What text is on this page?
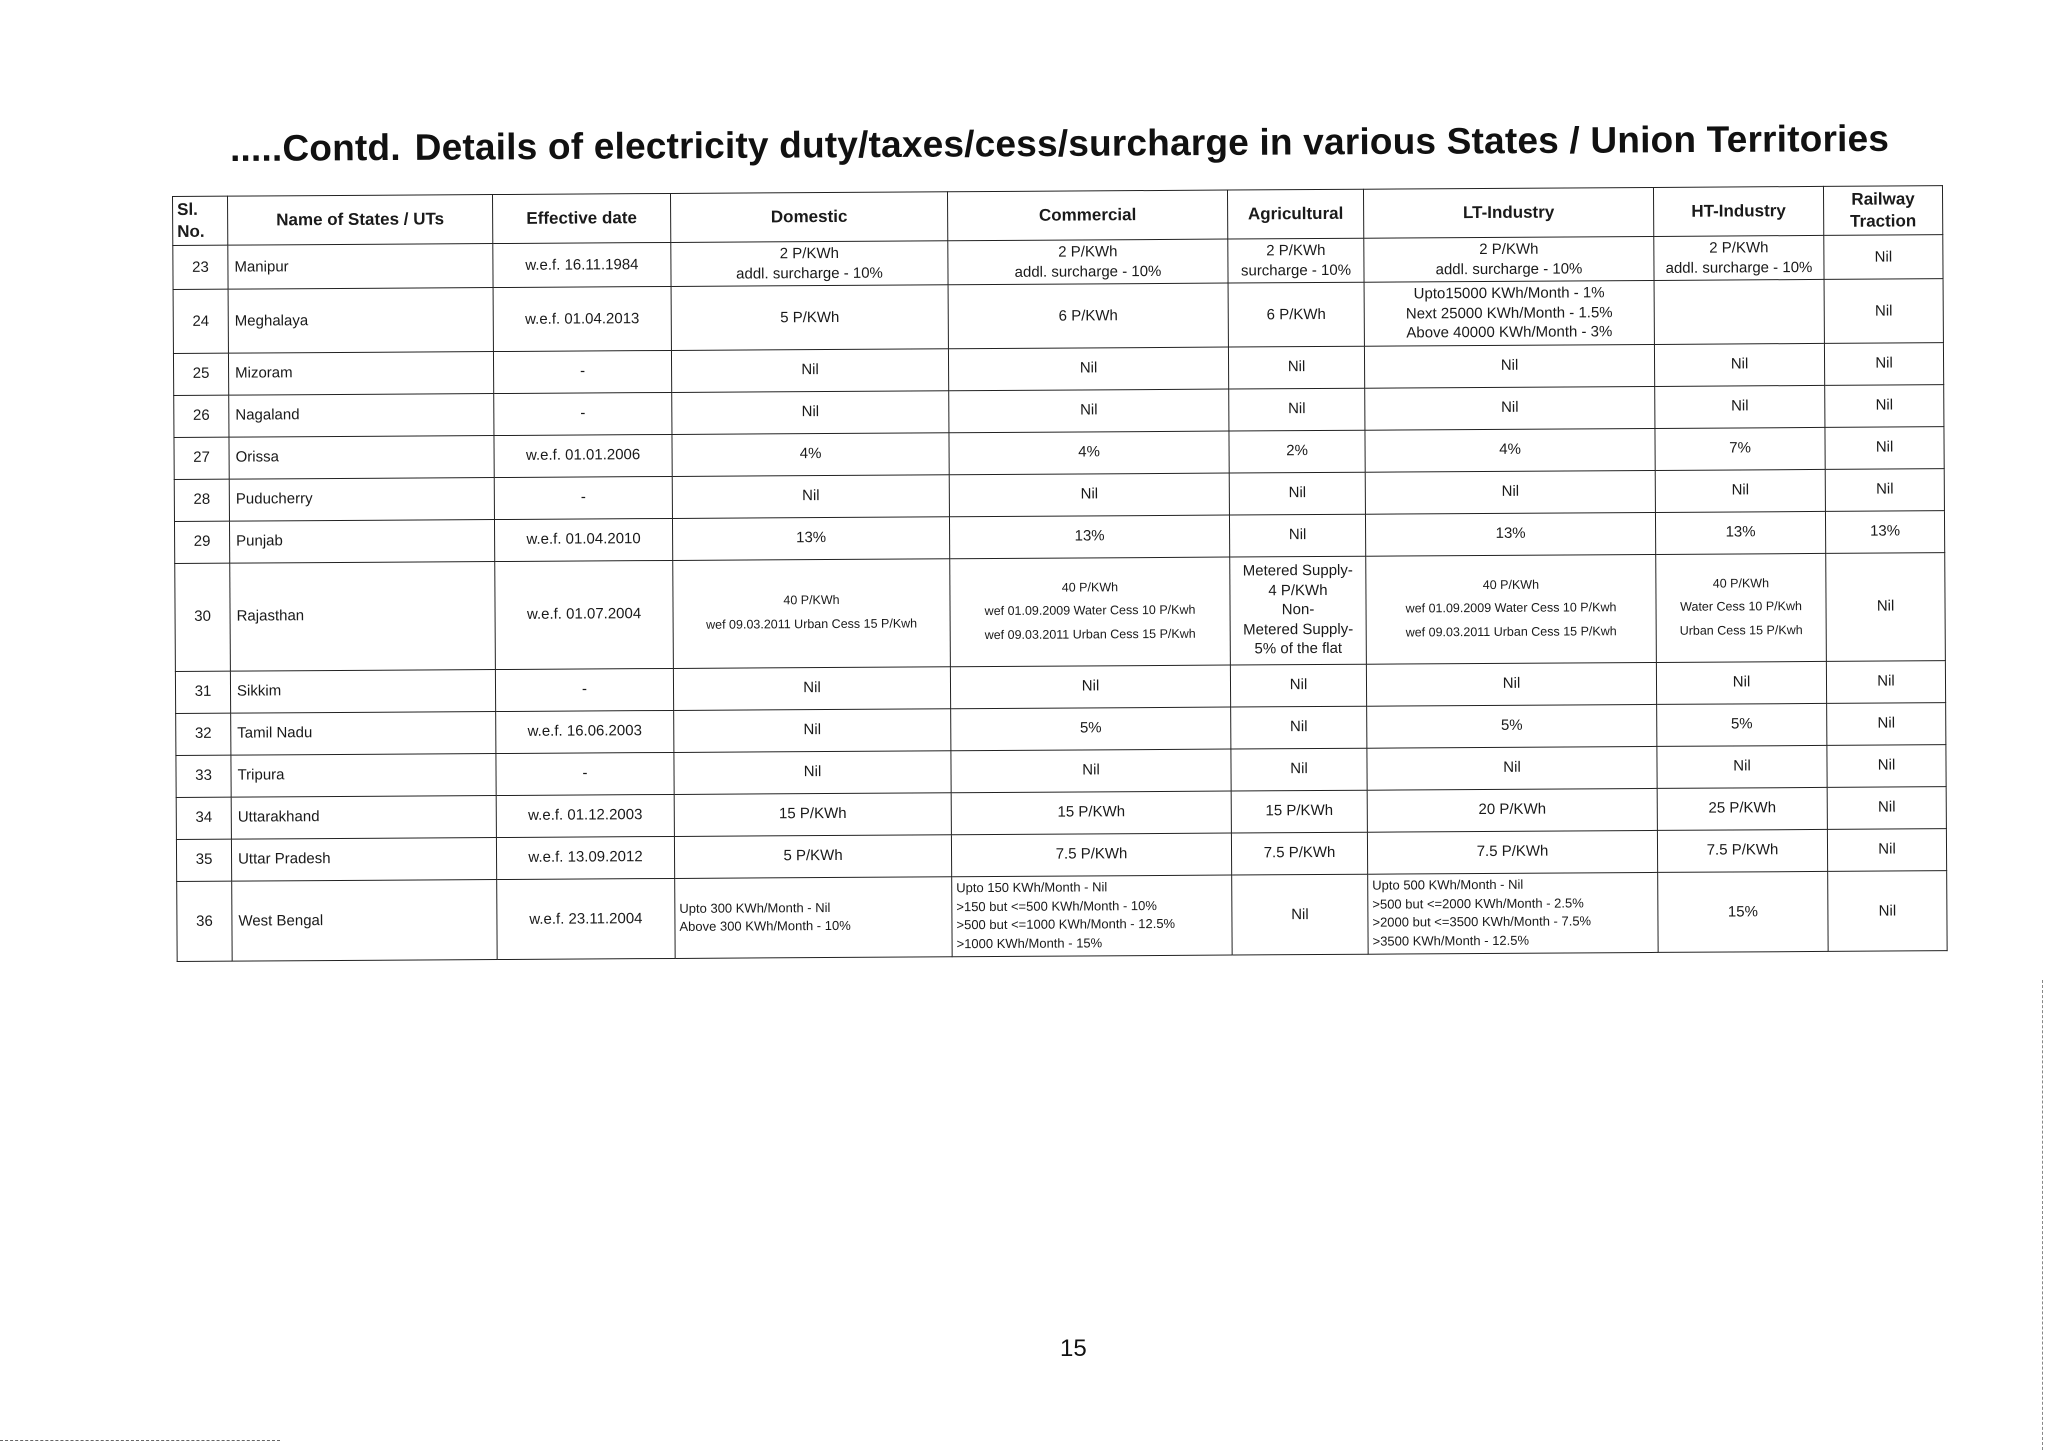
.....Contd. Details of electricity duty/taxes/cess/surcharge in various States / Union Territories
Sl. No.	Name of States / UTs	Effective date	Domestic	Commercial	Agricultural	LT-Industry	HT-Industry	Railway Traction
23	Manipur	w.e.f. 16.11.1984	2 P/KWh
addl. surcharge - 10%	2 P/KWh
addl. surcharge - 10%	2 P/KWh
surcharge - 10%	2 P/KWh
addl. surcharge - 10%	2 P/KWh
addl. surcharge - 10%	Nil

24	Meghalaya	w.e.f. 01.04.2013	5 P/KWh	6 P/KWh	6 P/KWh	Upto15000 KWh/Month - 1%
Next 25000 KWh/Month - 1.5%
Above 40000 KWh/Month - 3%		Nil

25	Mizoram	-	Nil	Nil	Nil	Nil	Nil	Nil

26	Nagaland	-	Nil	Nil	Nil	Nil	Nil	Nil

27	Orissa	w.e.f. 01.01.2006	4%	4%	2%	4%	7%	Nil

28	Puducherry	-	Nil	Nil	Nil	Nil	Nil	Nil

29	Punjab	w.e.f. 01.04.2010	13%	13%	Nil	13%	13%	13%

30	Rajasthan	w.e.f. 01.07.2004	40 P/KWh
wef 09.03.2011 Urban Cess 15 P/Kwh	40 P/KWh
wef 01.09.2009 Water Cess 10 P/Kwh
wef 09.03.2011 Urban Cess 15 P/Kwh	Metered Supply-
4 P/KWh
Non-
Metered Supply-
5% of the flat	40 P/KWh
wef 01.09.2009 Water Cess 10 P/Kwh
wef 09.03.2011 Urban Cess 15 P/Kwh	40 P/KWh
Water Cess 10 P/Kwh
Urban Cess 15 P/Kwh	Nil

31	Sikkim	-	Nil	Nil	Nil	Nil	Nil	Nil

32	Tamil Nadu	w.e.f. 16.06.2003	Nil	5%	Nil	5%	5%	Nil

33	Tripura	-	Nil	Nil	Nil	Nil	Nil	Nil

34	Uttarakhand	w.e.f. 01.12.2003	15 P/KWh	15 P/KWh	15 P/KWh	20 P/KWh	25 P/KWh	Nil

35	Uttar Pradesh	w.e.f. 13.09.2012	5 P/KWh	7.5 P/KWh	7.5 P/KWh	7.5 P/KWh	7.5 P/KWh	Nil

36	West Bengal	w.e.f. 23.11.2004	Upto 300 KWh/Month - Nil
Above 300 KWh/Month - 10%	Upto 150 KWh/Month - Nil
>150 but <=500 KWh/Month - 10%
>500 but <=1000 KWh/Month - 12.5%
>1000 KWh/Month - 15%	Nil	Upto 500 KWh/Month - Nil
>500 but <=2000 KWh/Month - 2.5%
>2000 but <=3500 KWh/Month - 7.5%
>3500 KWh/Month - 12.5%	15%	Nil
15
